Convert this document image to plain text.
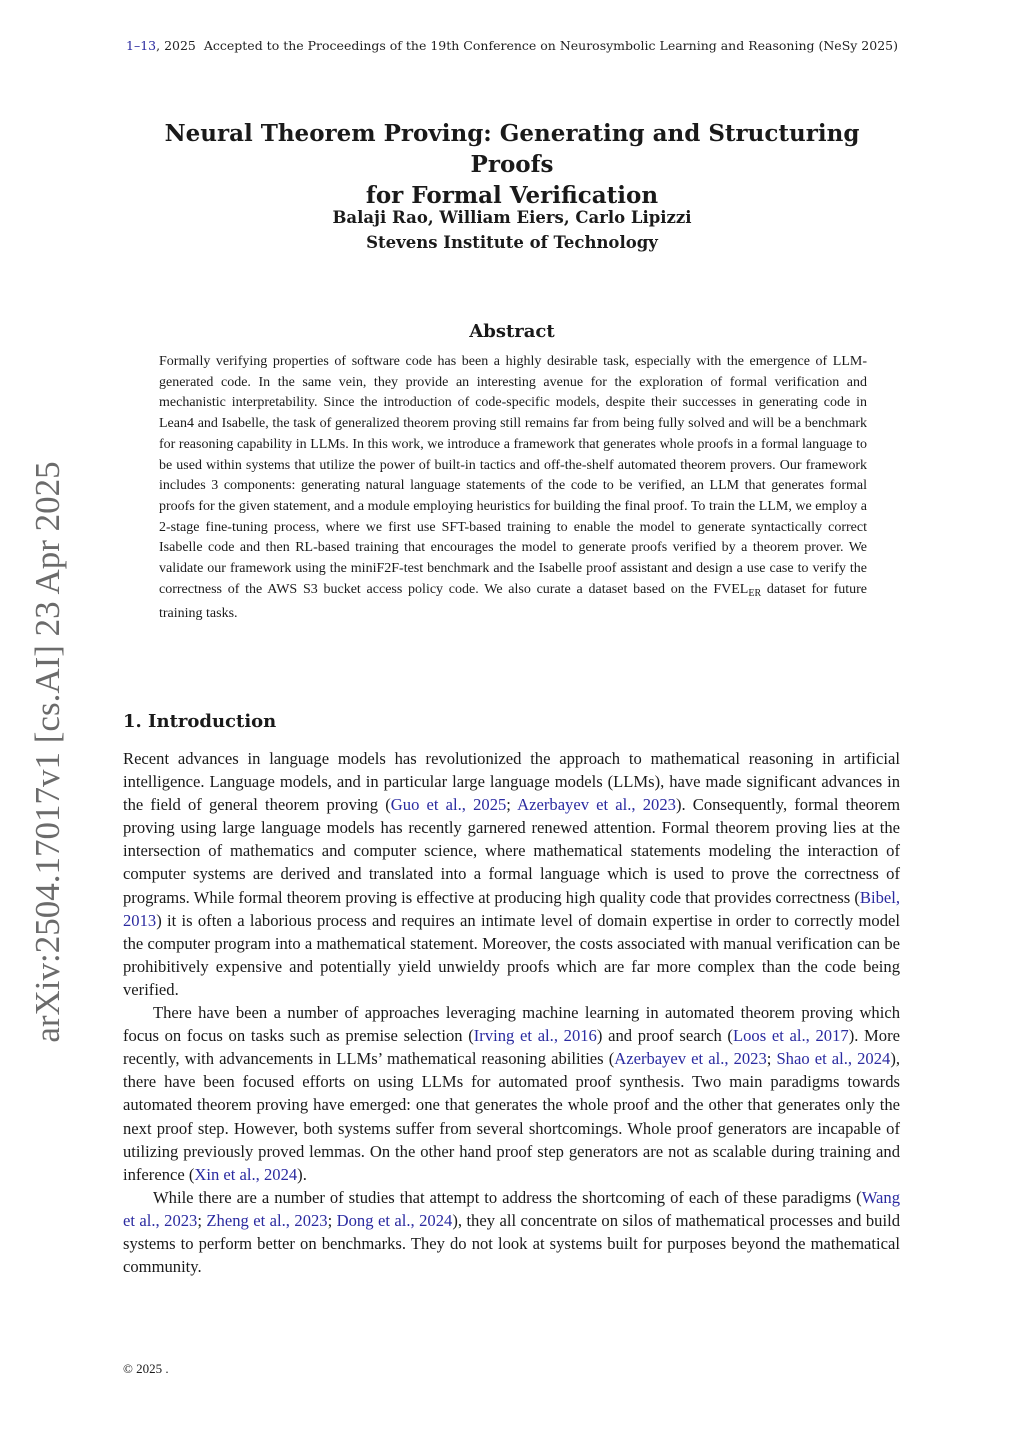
1–13, 2025 Accepted to the Proceedings of the 19th Conference on Neurosymbolic Learning and Reasoning (NeSy 2025)
Neural Theorem Proving: Generating and Structuring Proofs
for Formal Verification
Balaji Rao, William Eiers, Carlo Lipizzi
Stevens Institute of Technology
arXiv:2504.17017v1 [cs.AI] 23 Apr 2025
Abstract
Formally verifying properties of software code has been a highly desirable task, especially with the emergence of LLM-generated code. In the same vein, they provide an interesting avenue for the exploration of formal verification and mechanistic interpretability. Since the introduction of code-specific models, despite their successes in generating code in Lean4 and Isabelle, the task of generalized theorem proving still remains far from being fully solved and will be a benchmark for reasoning capability in LLMs. In this work, we introduce a framework that generates whole proofs in a formal language to be used within systems that utilize the power of built-in tactics and off-the-shelf automated theorem provers. Our framework includes 3 components: generating natural language statements of the code to be verified, an LLM that generates formal proofs for the given statement, and a module employing heuristics for building the final proof. To train the LLM, we employ a 2-stage fine-tuning process, where we first use SFT-based training to enable the model to generate syntactically correct Isabelle code and then RL-based training that encourages the model to generate proofs verified by a theorem prover. We validate our framework using the miniF2F-test benchmark and the Isabelle proof assistant and design a use case to verify the correctness of the AWS S3 bucket access policy code. We also curate a dataset based on the $FVEL_{ER}$ dataset for future training tasks.
1. Introduction

Recent advances in language models has revolutionized the approach to mathematical reasoning in artificial intelligence. Language models, and in particular large language models (LLMs), have made significant advances in the field of general theorem proving (Guo et al., 2025; Azerbayev et al., 2023). Consequently, formal theorem proving using large language models has recently garnered renewed attention. Formal theorem proving lies at the intersection of mathematics and computer science, where mathematical statements modeling the interaction of computer systems are derived and translated into a formal language which is used to prove the correctness of programs. While formal theorem proving is effective at producing high quality code that provides correctness (Bibel, 2013) it is often a laborious process and requires an intimate level of domain expertise in order to correctly model the computer program into a mathematical statement. Moreover, the costs associated with manual verification can be prohibitively expensive and potentially yield unwieldy proofs which are far more complex than the code being verified.

There have been a number of approaches leveraging machine learning in automated theorem proving which focus on focus on tasks such as premise selection (Irving et al., 2016) and proof search (Loos et al., 2017). More recently, with advancements in LLMs’ mathematical reasoning abilities (Azerbayev et al., 2023; Shao et al., 2024), there have been focused efforts on using LLMs for automated proof synthesis. Two main paradigms towards automated theorem proving have emerged: one that generates the whole proof and the other that generates only the next proof step. However, both systems suffer from several shortcomings. Whole proof generators are incapable of utilizing previously proved lemmas. On the other hand proof step generators are not as scalable during training and inference (Xin et al., 2024).

While there are a number of studies that attempt to address the shortcoming of each of these paradigms (Wang et al., 2023; Zheng et al., 2023; Dong et al., 2024), they all concentrate on silos of mathematical processes and build systems to perform better on benchmarks. They do not look at systems built for purposes beyond the mathematical community.

© 2025 .
